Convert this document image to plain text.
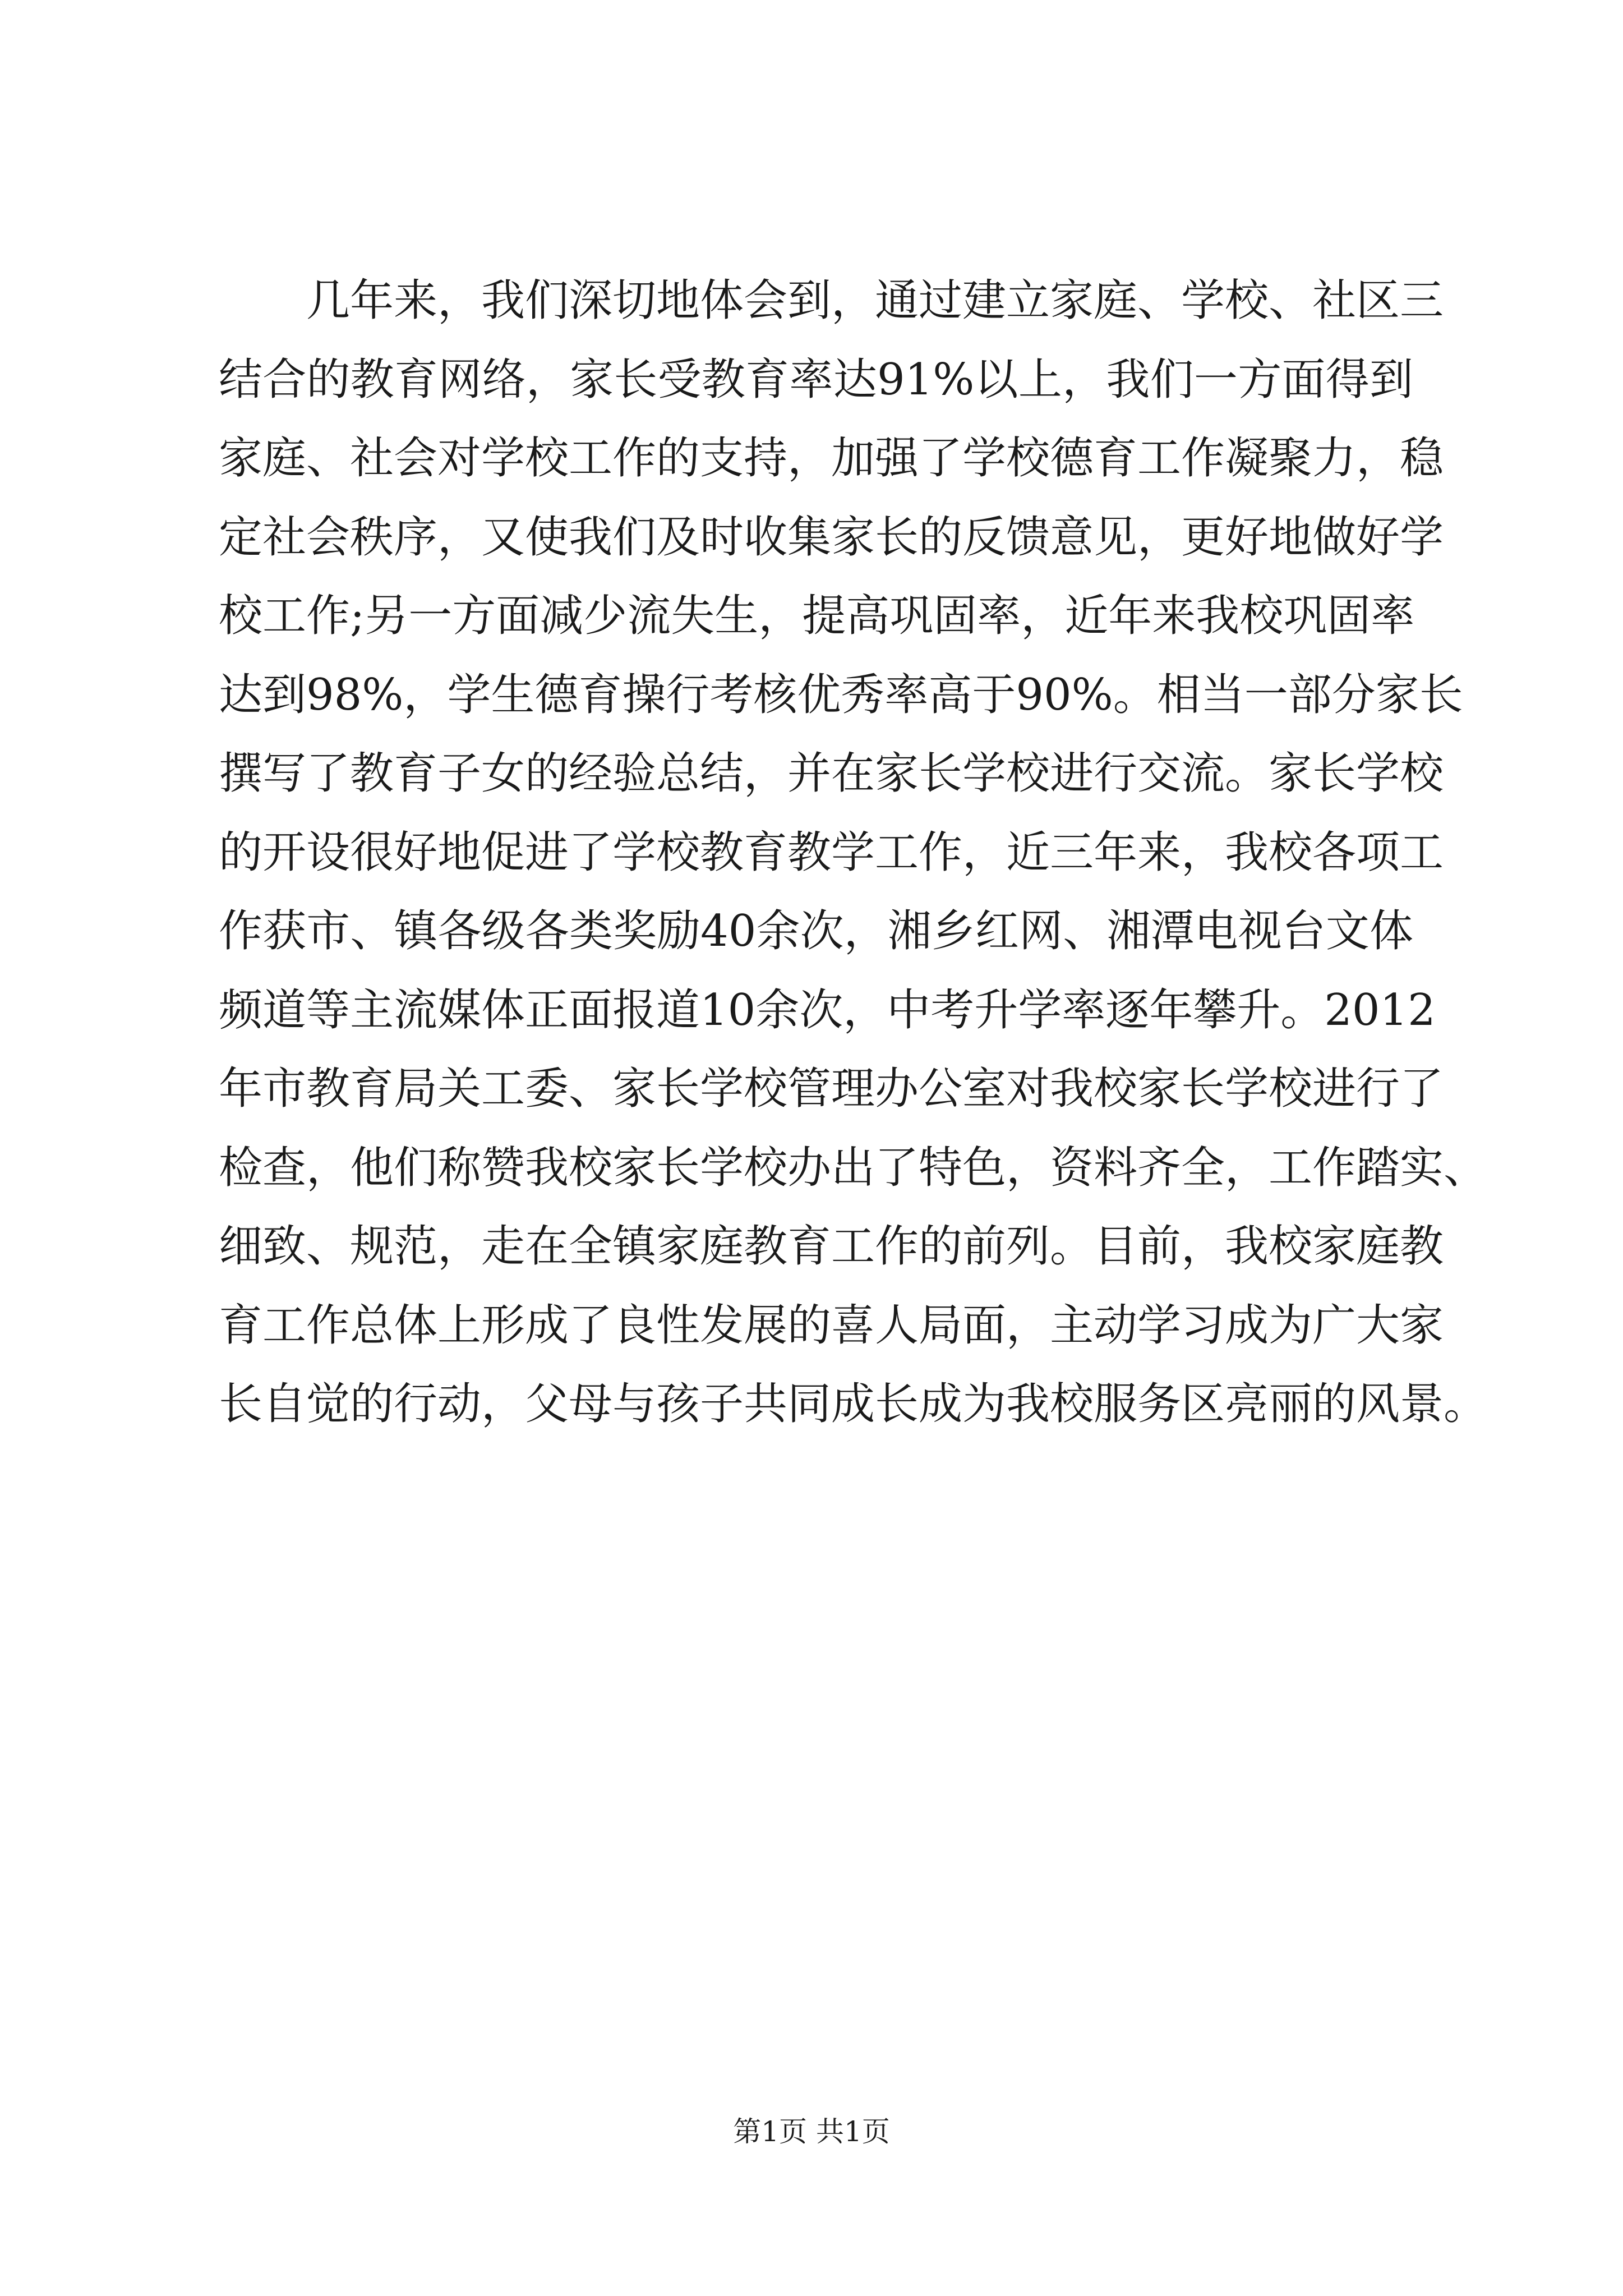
几年来，我们深切地体会到，通过建立家庭、学校、社区三
结合的教育网络，家长受教育率达91%以上，我们一方面得到
家庭、社会对学校工作的支持，加强了学校德育工作凝聚力，稳
定社会秩序，又使我们及时收集家长的反馈意见，更好地做好学
校工作;另一方面减少流失生，提高巩固率，近年来我校巩固率
达到98%，学生德育操行考核优秀率高于90%。相当一部分家长
撰写了教育子女的经验总结，并在家长学校进行交流。家长学校
的开设很好地促进了学校教育教学工作，近三年来，我校各项工
作获市、镇各级各类奖励40余次，湘乡红网、湘潭电视台文体
频道等主流媒体正面报道10余次，中考升学率逐年攀升。2012
年市教育局关工委、家长学校管理办公室对我校家长学校进行了
检查，他们称赞我校家长学校办出了特色，资料齐全，工作踏实、
细致、规范，走在全镇家庭教育工作的前列。目前，我校家庭教
育工作总体上形成了良性发展的喜人局面，主动学习成为广大家
长自觉的行动，父母与孩子共同成长成为我校服务区亮丽的风景。

第1页 共1页
